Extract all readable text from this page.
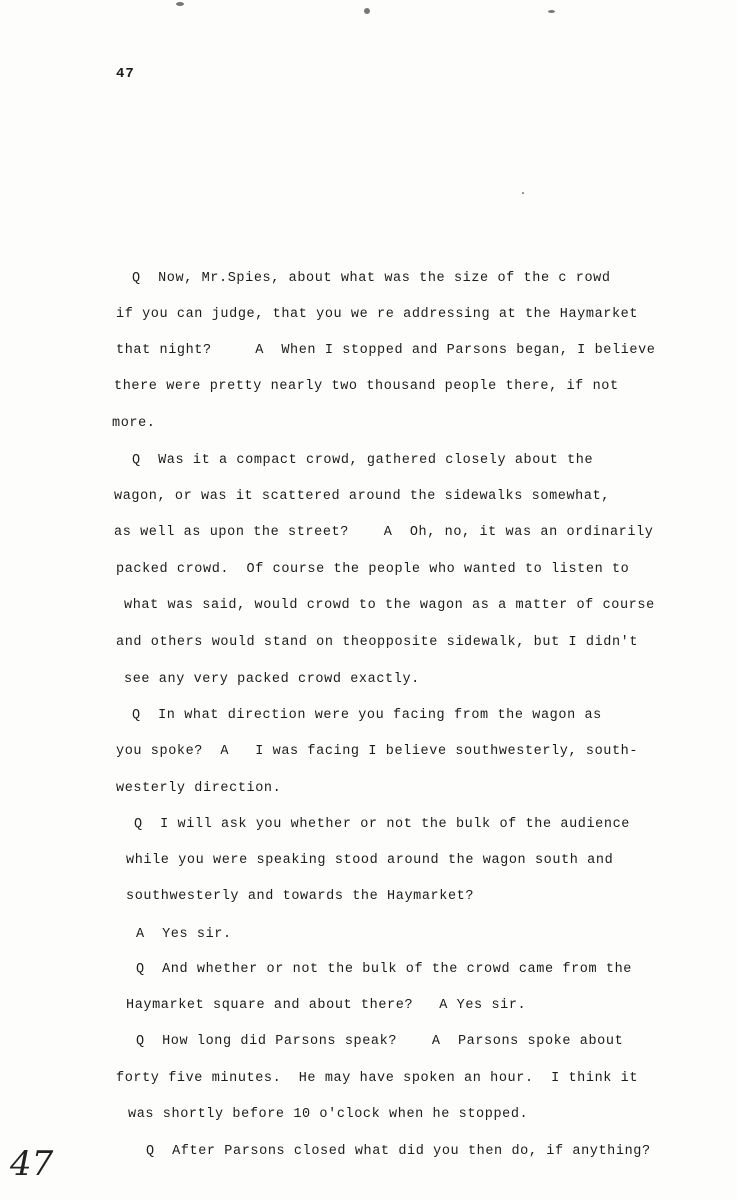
47
Q  Now, Mr.Spies, about what was the size of the c rowd
if you can judge, that you we re addressing at the Haymarket
that night?     A  When I stopped and Parsons began, I believe
there were pretty nearly two thousand people there, if not
more.
Q  Was it a compact crowd, gathered closely about the
wagon, or was it scattered around the sidewalks somewhat,
as well as upon the street?    A  Oh, no, it was an ordinarily
packed crowd.  Of course the people who wanted to listen to
what was said, would crowd to the wagon as a matter of course
and others would stand on theopposite sidewalk, but I didn't
see any very packed crowd exactly.
Q  In what direction were you facing from the wagon as
you spoke?  A   I was facing I believe southwesterly, south-
westerly direction.
Q  I will ask you whether or not the bulk of the audience
while you were speaking stood around the wagon south and
southwesterly and towards the Haymarket?
A  Yes sir.
Q  And whether or not the bulk of the crowd came from the
Haymarket square and about there?   A Yes sir.
Q  How long did Parsons speak?    A  Parsons spoke about
forty five minutes.  He may have spoken an hour.  I think it
was shortly before 10 o'clock when he stopped.
Q  After Parsons closed what did you then do, if anything?
47
